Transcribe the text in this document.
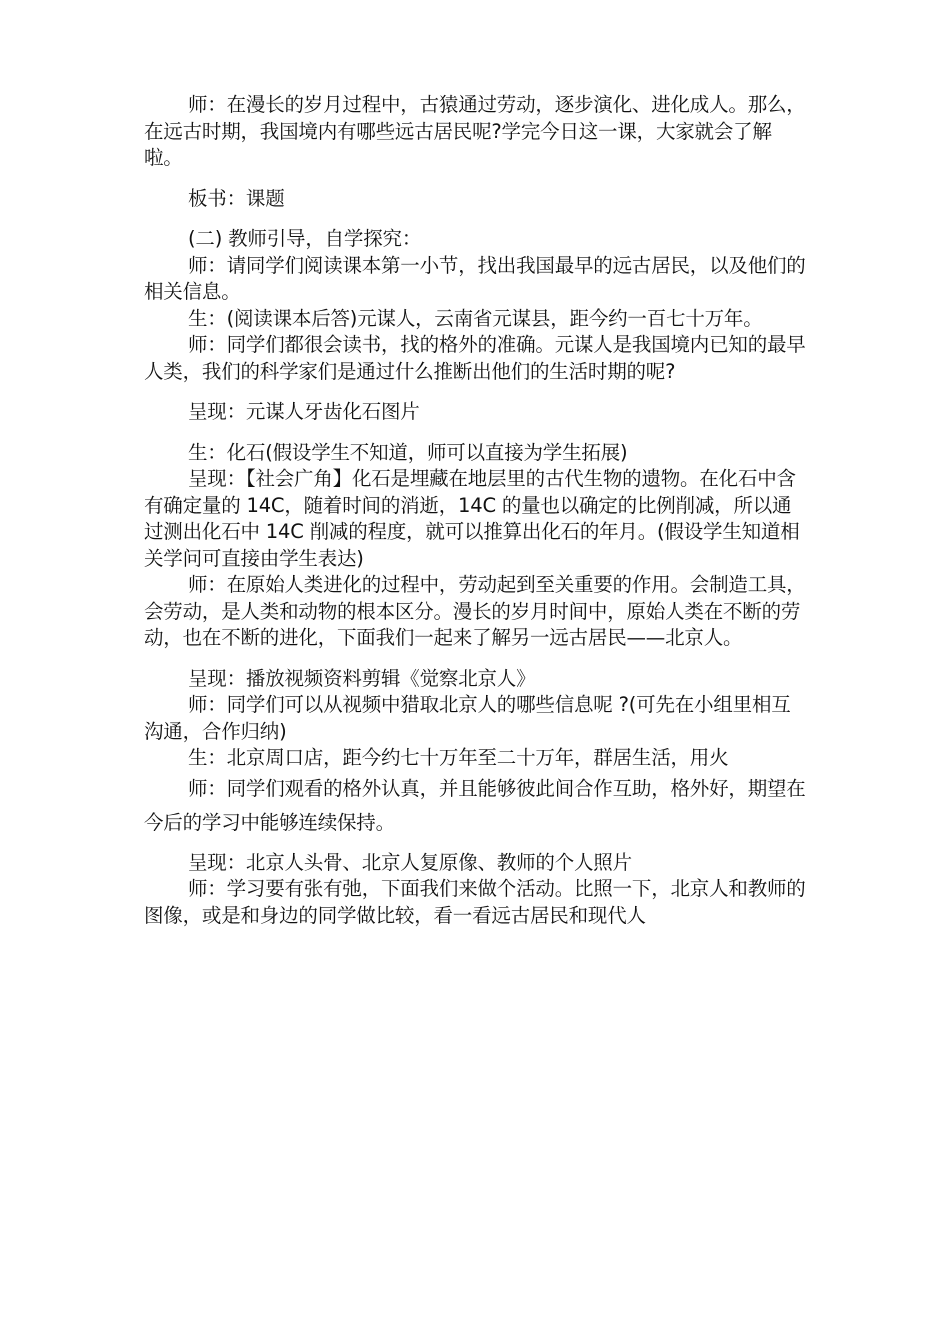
师：在漫长的岁月过程中，古猿通过劳动，逐步演化、进化成人。那么，在远古时期，我国境内有哪些远古居民呢?学完今日这一课，大家就会了解啦。

板书：课题

(二) 教师引导，自学探究：

师：请同学们阅读课本第一小节，找出我国最早的远古居民，以及他们的相关信息。

生：(阅读课本后答)元谋人，云南省元谋县，距今约一百七十万年。

师：同学们都很会读书，找的格外的准确。元谋人是我国境内已知的最早人类，我们的科学家们是通过什么推断出他们的生活时期的呢?

呈现：元谋人牙齿化石图片

生：化石(假设学生不知道，师可以直接为学生拓展)

呈现：【社会广角】化石是埋藏在地层里的古代生物的遗物。在化石中含有确定量的 14C，随着时间的消逝，14C 的量也以确定的比例削减，所以通过测出化石中 14C 削减的程度，就可以推算出化石的年月。(假设学生知道相关学问可直接由学生表达)

师：在原始人类进化的过程中，劳动起到至关重要的作用。会制造工具，会劳动，是人类和动物的根本区分。漫长的岁月时间中，原始人类在不断的劳动，也在不断的进化，下面我们一起来了解另一远古居民——北京人。

呈现：播放视频资料剪辑《觉察北京人》

师：同学们可以从视频中猎取北京人的哪些信息呢 ?(可先在小组里相互沟通，合作归纳)

生：北京周口店，距今约七十万年至二十万年，群居生活，用火

师：同学们观看的格外认真，并且能够彼此间合作互助，格外好，期望在今后的学习中能够连续保持。

呈现：北京人头骨、北京人复原像、教师的个人照片

师：学习要有张有弛，下面我们来做个活动。比照一下，北京人和教师的图像，或是和身边的同学做比较，看一看远古居民和现代人
